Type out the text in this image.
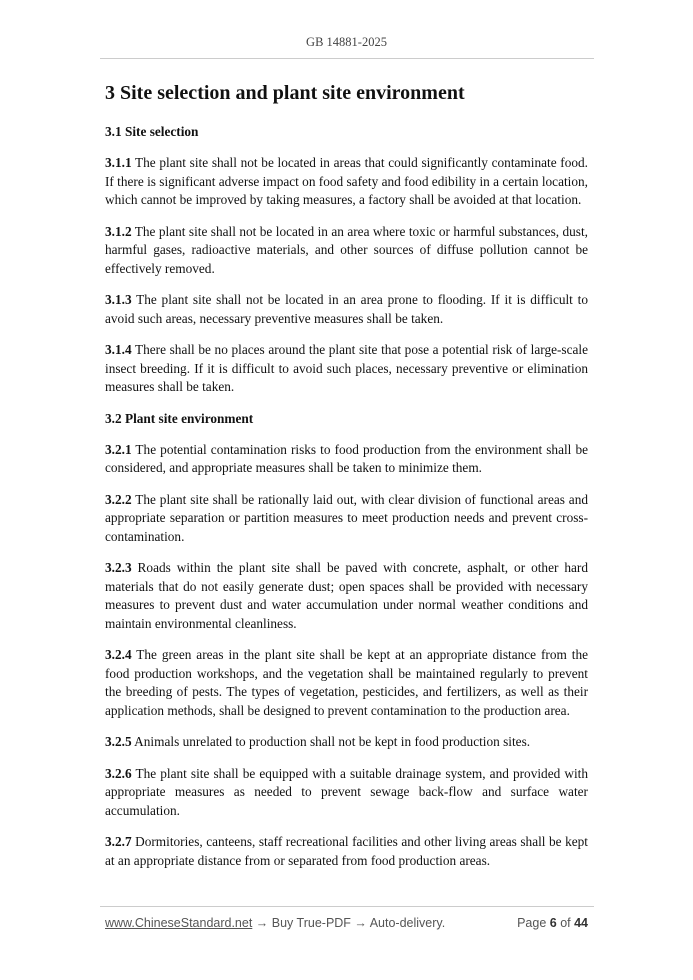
GB 14881-2025
3 Site selection and plant site environment
3.1 Site selection

3.1.1 The plant site shall not be located in areas that could significantly contaminate food. If there is significant adverse impact on food safety and food edibility in a certain location, which cannot be improved by taking measures, a factory shall be avoided at that location.

3.1.2 The plant site shall not be located in an area where toxic or harmful substances, dust, harmful gases, radioactive materials, and other sources of diffuse pollution cannot be effectively removed.

3.1.3 The plant site shall not be located in an area prone to flooding. If it is difficult to avoid such areas, necessary preventive measures shall be taken.

3.1.4 There shall be no places around the plant site that pose a potential risk of large-scale insect breeding. If it is difficult to avoid such places, necessary preventive or elimination measures shall be taken.

3.2 Plant site environment

3.2.1 The potential contamination risks to food production from the environment shall be considered, and appropriate measures shall be taken to minimize them.

3.2.2 The plant site shall be rationally laid out, with clear division of functional areas and appropriate separation or partition measures to meet production needs and prevent cross-contamination.

3.2.3 Roads within the plant site shall be paved with concrete, asphalt, or other hard materials that do not easily generate dust; open spaces shall be provided with necessary measures to prevent dust and water accumulation under normal weather conditions and maintain environmental cleanliness.

3.2.4 The green areas in the plant site shall be kept at an appropriate distance from the food production workshops, and the vegetation shall be maintained regularly to prevent the breeding of pests. The types of vegetation, pesticides, and fertilizers, as well as their application methods, shall be designed to prevent contamination to the production area.

3.2.5 Animals unrelated to production shall not be kept in food production sites.

3.2.6 The plant site shall be equipped with a suitable drainage system, and provided with appropriate measures as needed to prevent sewage back-flow and surface water accumulation.

3.2.7 Dormitories, canteens, staff recreational facilities and other living areas shall be kept at an appropriate distance from or separated from food production areas.

www.ChineseStandard.net → Buy True-PDF → Auto-delivery.	Page 6 of 44
